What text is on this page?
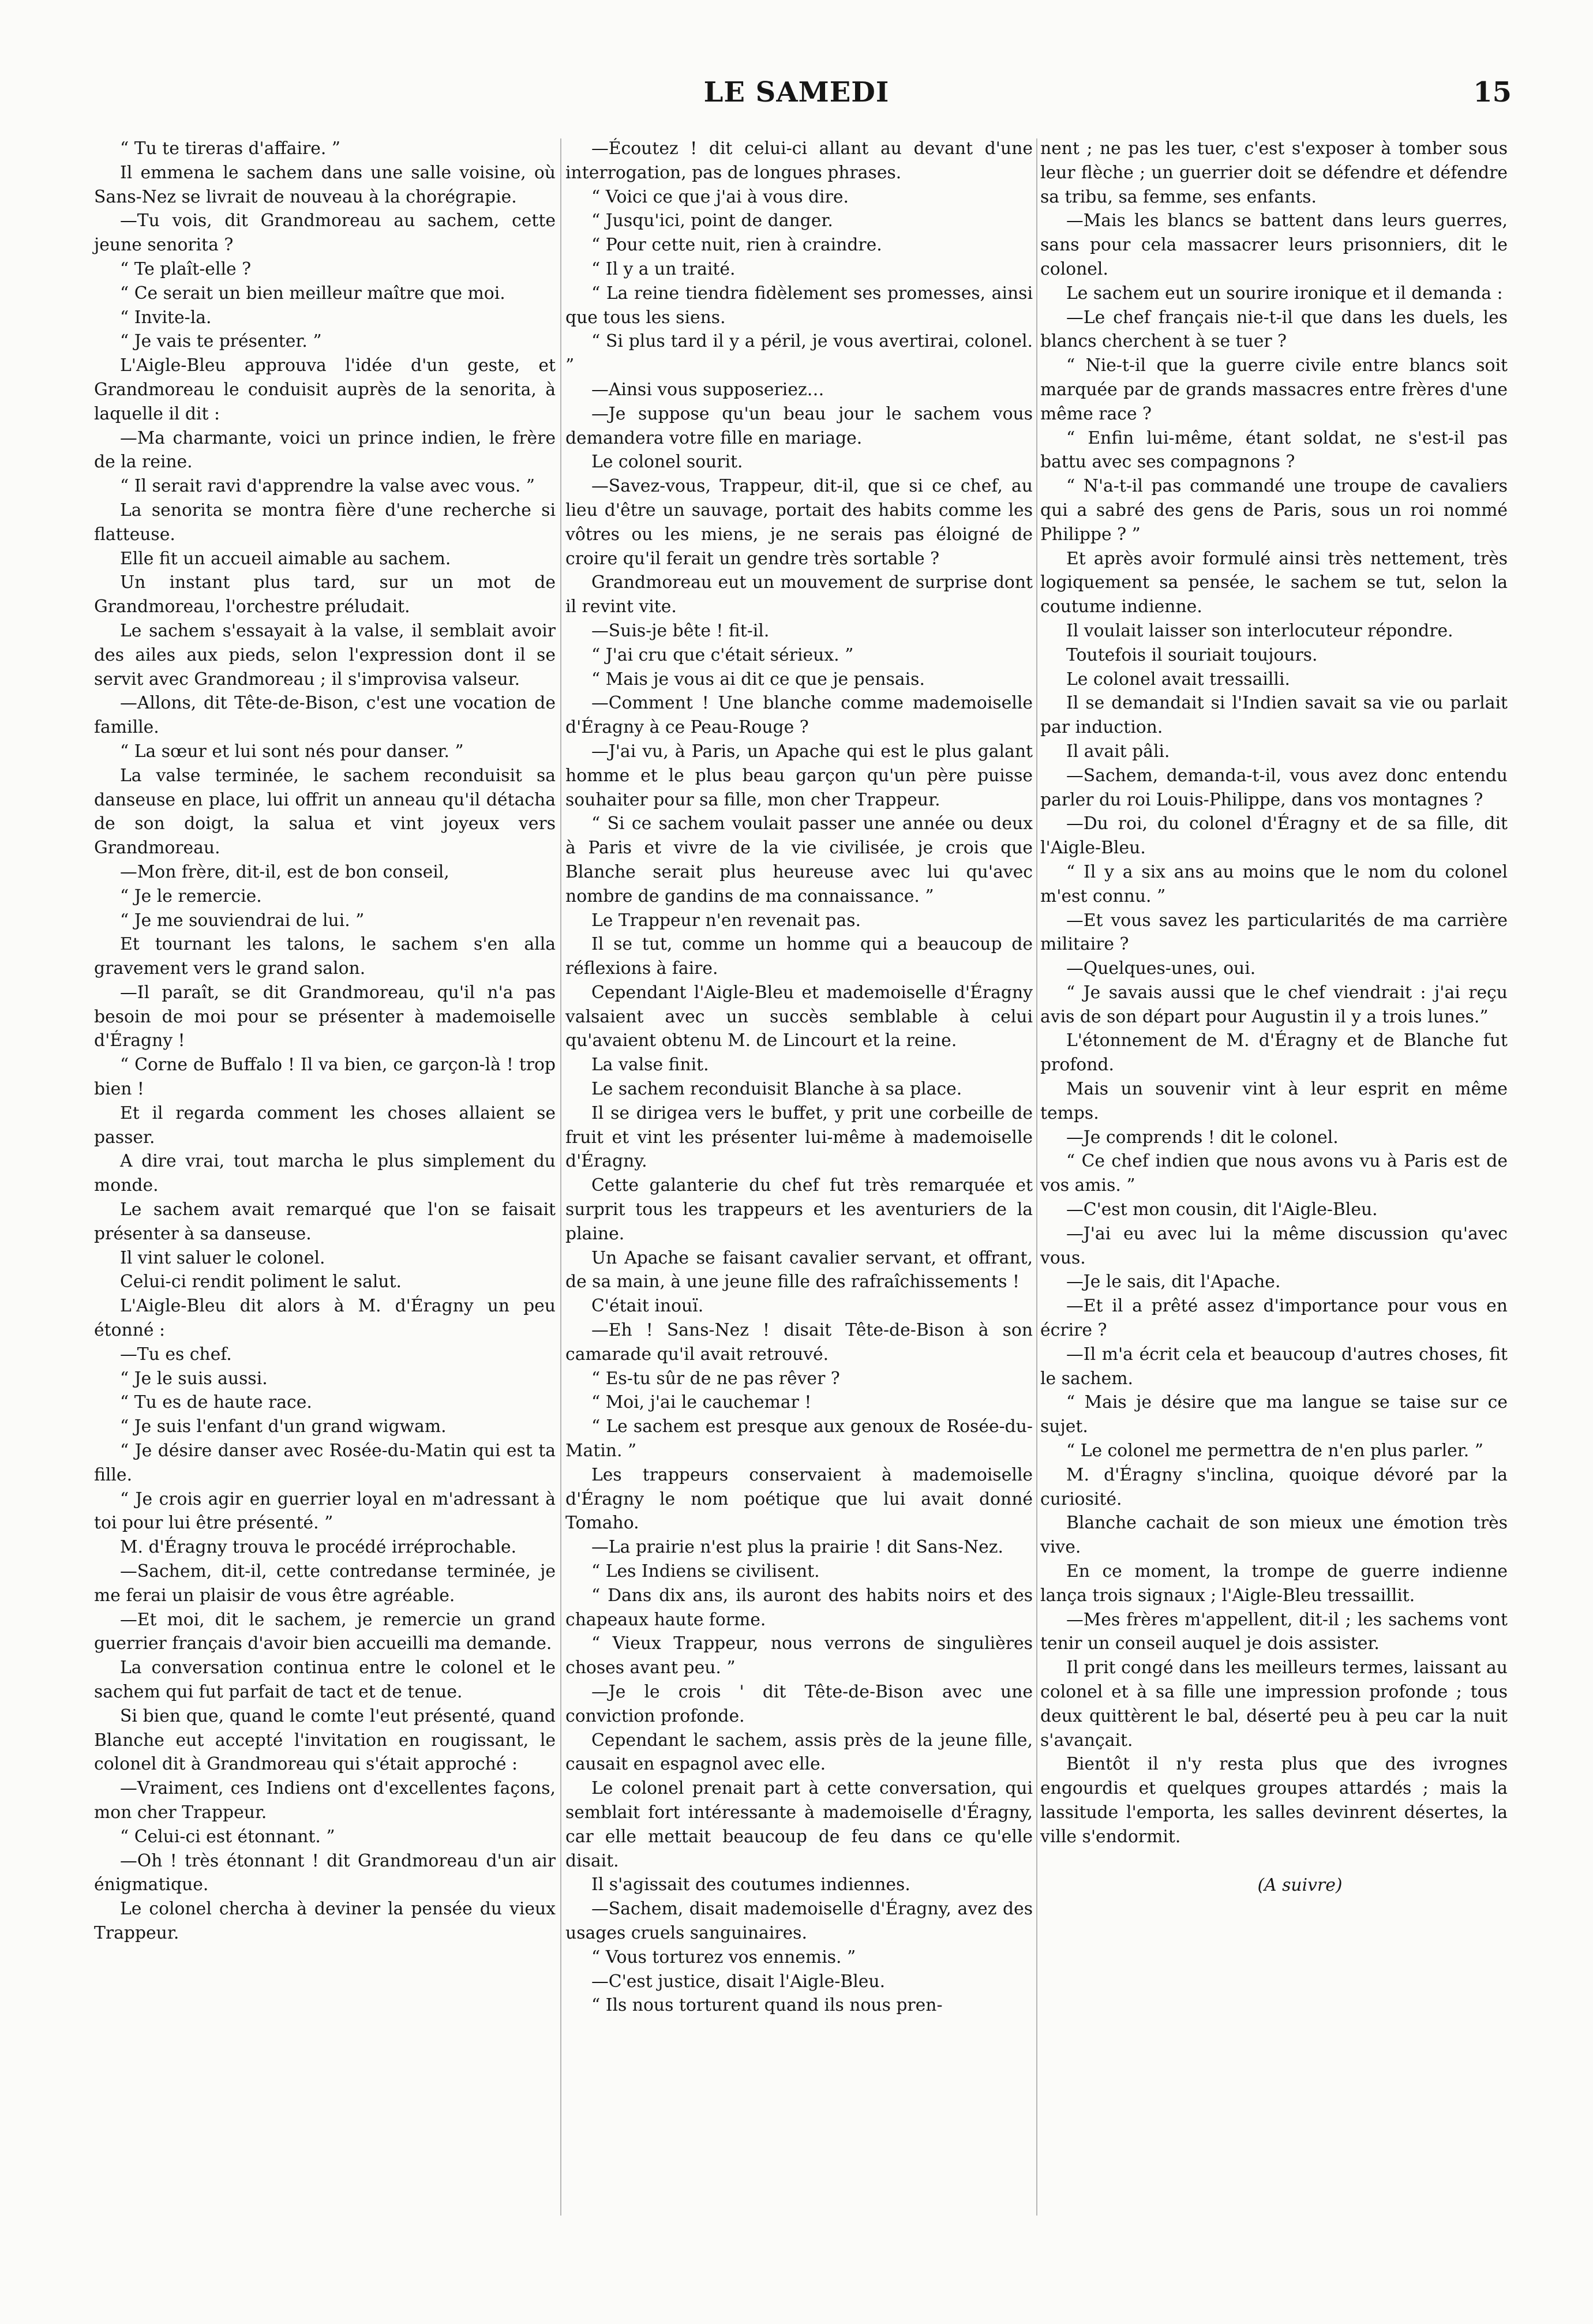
LE SAMEDI	15

“ Tu te tireras d'affaire. ”

Il emmena le sachem dans une salle voisine, où Sans-Nez se livrait de nouveau à la chorégrapie.

—Tu vois, dit Grandmoreau au sachem, cette jeune senorita ?

“ Te plaît-elle ?

“ Ce serait un bien meilleur maître que moi.

“ Invite-la.

“ Je vais te présenter. ”

L'Aigle-Bleu approuva l'idée d'un geste, et Grandmoreau le conduisit auprès de la senorita, à laquelle il dit :

—Ma charmante, voici un prince indien, le frère de la reine.

“ Il serait ravi d'apprendre la valse avec vous. ”

La senorita se montra fière d'une recherche si flatteuse.

Elle fit un accueil aimable au sachem.

Un instant plus tard, sur un mot de Grandmoreau, l'orchestre préludait.

Le sachem s'essayait à la valse, il semblait avoir des ailes aux pieds, selon l'expression dont il se servit avec Grandmoreau ; il s'improvisa valseur.

—Allons, dit Tête-de-Bison, c'est une vocation de famille.

“ La sœur et lui sont nés pour danser. ”

La valse terminée, le sachem reconduisit sa danseuse en place, lui offrit un anneau qu'il détacha de son doigt, la salua et vint joyeux vers Grandmoreau.

—Mon frère, dit-il, est de bon conseil,

“ Je le remercie.

“ Je me souviendrai de lui. ”

Et tournant les talons, le sachem s'en alla gravement vers le grand salon.

—Il paraît, se dit Grandmoreau, qu'il n'a pas besoin de moi pour se présenter à mademoiselle d'Éragny !

“ Corne de Buffalo ! Il va bien, ce garçon-là ! trop bien !

Et il regarda comment les choses allaient se passer.

A dire vrai, tout marcha le plus simplement du monde.

Le sachem avait remarqué que l'on se faisait présenter à sa danseuse.

Il vint saluer le colonel.

Celui-ci rendit poliment le salut.

L'Aigle-Bleu dit alors à M. d'Éragny un peu étonné :

—Tu es chef.

“ Je le suis aussi.

“ Tu es de haute race.

“ Je suis l'enfant d'un grand wigwam.

“ Je désire danser avec Rosée-du-Matin qui est ta fille.

“ Je crois agir en guerrier loyal en m'adressant à toi pour lui être présenté. ”

M. d'Éragny trouva le procédé irréprochable.

—Sachem, dit-il, cette contredanse terminée, je me ferai un plaisir de vous être agréable.

—Et moi, dit le sachem, je remercie un grand guerrier français d'avoir bien accueilli ma demande.

La conversation continua entre le colonel et le sachem qui fut parfait de tact et de tenue.

Si bien que, quand le comte l'eut présenté, quand Blanche eut accepté l'invitation en rougissant, le colonel dit à Grandmoreau qui s'était approché :

—Vraiment, ces Indiens ont d'excellentes façons, mon cher Trappeur.

“ Celui-ci est étonnant. ”

—Oh ! très étonnant ! dit Grandmoreau d'un air énigmatique.

Le colonel chercha à deviner la pensée du vieux Trappeur.

—Écoutez ! dit celui-ci allant au devant d'une interrogation, pas de longues phrases.

“ Voici ce que j'ai à vous dire.

“ Jusqu'ici, point de danger.

“ Pour cette nuit, rien à craindre.

“ Il y a un traité.

“ La reine tiendra fidèlement ses promesses, ainsi que tous les siens.

“ Si plus tard il y a péril, je vous avertirai, colonel. ”

—Ainsi vous supposeriez…

—Je suppose qu'un beau jour le sachem vous demandera votre fille en mariage.

Le colonel sourit.

—Savez-vous, Trappeur, dit-il, que si ce chef, au lieu d'être un sauvage, portait des habits comme les vôtres ou les miens, je ne serais pas éloigné de croire qu'il ferait un gendre très sortable ?

Grandmoreau eut un mouvement de surprise dont il revint vite.

—Suis-je bête ! fit-il.

“ J'ai cru que c'était sérieux. ”

“ Mais je vous ai dit ce que je pensais.

—Comment ! Une blanche comme mademoiselle d'Éragny à ce Peau-Rouge ?

—J'ai vu, à Paris, un Apache qui est le plus galant homme et le plus beau garçon qu'un père puisse souhaiter pour sa fille, mon cher Trappeur.

“ Si ce sachem voulait passer une année ou deux à Paris et vivre de la vie civilisée, je crois que Blanche serait plus heureuse avec lui qu'avec nombre de gandins de ma connaissance. ”

Le Trappeur n'en revenait pas.

Il se tut, comme un homme qui a beaucoup de réflexions à faire.

Cependant l'Aigle-Bleu et mademoiselle d'Éragny valsaient avec un succès semblable à celui qu'avaient obtenu M. de Lincourt et la reine.

La valse finit.

Le sachem reconduisit Blanche à sa place.

Il se dirigea vers le buffet, y prit une corbeille de fruit et vint les présenter lui-même à mademoiselle d'Éragny.

Cette galanterie du chef fut très remarquée et surprit tous les trappeurs et les aventuriers de la plaine.

Un Apache se faisant cavalier servant, et offrant, de sa main, à une jeune fille des rafraîchissements !

C'était inouï.

—Eh ! Sans-Nez ! disait Tête-de-Bison à son camarade qu'il avait retrouvé.

“ Es-tu sûr de ne pas rêver ?

“ Moi, j'ai le cauchemar !

“ Le sachem est presque aux genoux de Rosée-du-Matin. ”

Les trappeurs conservaient à mademoiselle d'Éragny le nom poétique que lui avait donné Tomaho.

—La prairie n'est plus la prairie ! dit Sans-Nez.

“ Les Indiens se civilisent.

“ Dans dix ans, ils auront des habits noirs et des chapeaux haute forme.

“ Vieux Trappeur, nous verrons de singulières choses avant peu. ”

—Je le crois ' dit Tête-de-Bison avec une conviction profonde.

Cependant le sachem, assis près de la jeune fille, causait en espagnol avec elle.

Le colonel prenait part à cette conversation, qui semblait fort intéressante à mademoiselle d'Éragny, car elle mettait beaucoup de feu dans ce qu'elle disait.

Il s'agissait des coutumes indiennes.

—Sachem, disait mademoiselle d'Éragny, avez des usages cruels sanguinaires.

“ Vous torturez vos ennemis. ”

—C'est justice, disait l'Aigle-Bleu.

“ Ils nous torturent quand ils nous pren-

nent ; ne pas les tuer, c'est s'exposer à tomber sous leur flèche ; un guerrier doit se défendre et défendre sa tribu, sa femme, ses enfants.

—Mais les blancs se battent dans leurs guerres, sans pour cela massacrer leurs prisonniers, dit le colonel.

Le sachem eut un sourire ironique et il demanda :

—Le chef français nie-t-il que dans les duels, les blancs cherchent à se tuer ?

“ Nie-t-il que la guerre civile entre blancs soit marquée par de grands massacres entre frères d'une même race ?

“ Enfin lui-même, étant soldat, ne s'est-il pas battu avec ses compagnons ?

“ N'a-t-il pas commandé une troupe de cavaliers qui a sabré des gens de Paris, sous un roi nommé Philippe ? ”

Et après avoir formulé ainsi très nettement, très logiquement sa pensée, le sachem se tut, selon la coutume indienne.

Il voulait laisser son interlocuteur répondre.

Toutefois il souriait toujours.

Le colonel avait tressailli.

Il se demandait si l'Indien savait sa vie ou parlait par induction.

Il avait pâli.

—Sachem, demanda-t-il, vous avez donc entendu parler du roi Louis-Philippe, dans vos montagnes ?

—Du roi, du colonel d'Éragny et de sa fille, dit l'Aigle-Bleu.

“ Il y a six ans au moins que le nom du colonel m'est connu. ”

—Et vous savez les particularités de ma carrière militaire ?

—Quelques-unes, oui.

“ Je savais aussi que le chef viendrait : j'ai reçu avis de son départ pour Augustin il y a trois lunes.”

L'étonnement de M. d'Éragny et de Blanche fut profond.

Mais un souvenir vint à leur esprit en même temps.

—Je comprends ! dit le colonel.

“ Ce chef indien que nous avons vu à Paris est de vos amis. ”

—C'est mon cousin, dit l'Aigle-Bleu.

—J'ai eu avec lui la même discussion qu'avec vous.

—Je le sais, dit l'Apache.

—Et il a prêté assez d'importance pour vous en écrire ?

—Il m'a écrit cela et beaucoup d'autres choses, fit le sachem.

“ Mais je désire que ma langue se taise sur ce sujet.

“ Le colonel me permettra de n'en plus parler. ”

M. d'Éragny s'inclina, quoique dévoré par la curiosité.

Blanche cachait de son mieux une émotion très vive.

En ce moment, la trompe de guerre indienne lança trois signaux ; l'Aigle-Bleu tressaillit.

—Mes frères m'appellent, dit-il ; les sachems vont tenir un conseil auquel je dois assister.

Il prit congé dans les meilleurs termes, laissant au colonel et à sa fille une impression profonde ; tous deux quittèrent le bal, déserté peu à peu car la nuit s'avançait.

Bientôt il n'y resta plus que des ivrognes engourdis et quelques groupes attardés ; mais la lassitude l'emporta, les salles devinrent désertes, la ville s'endormit.

(A suivre)
